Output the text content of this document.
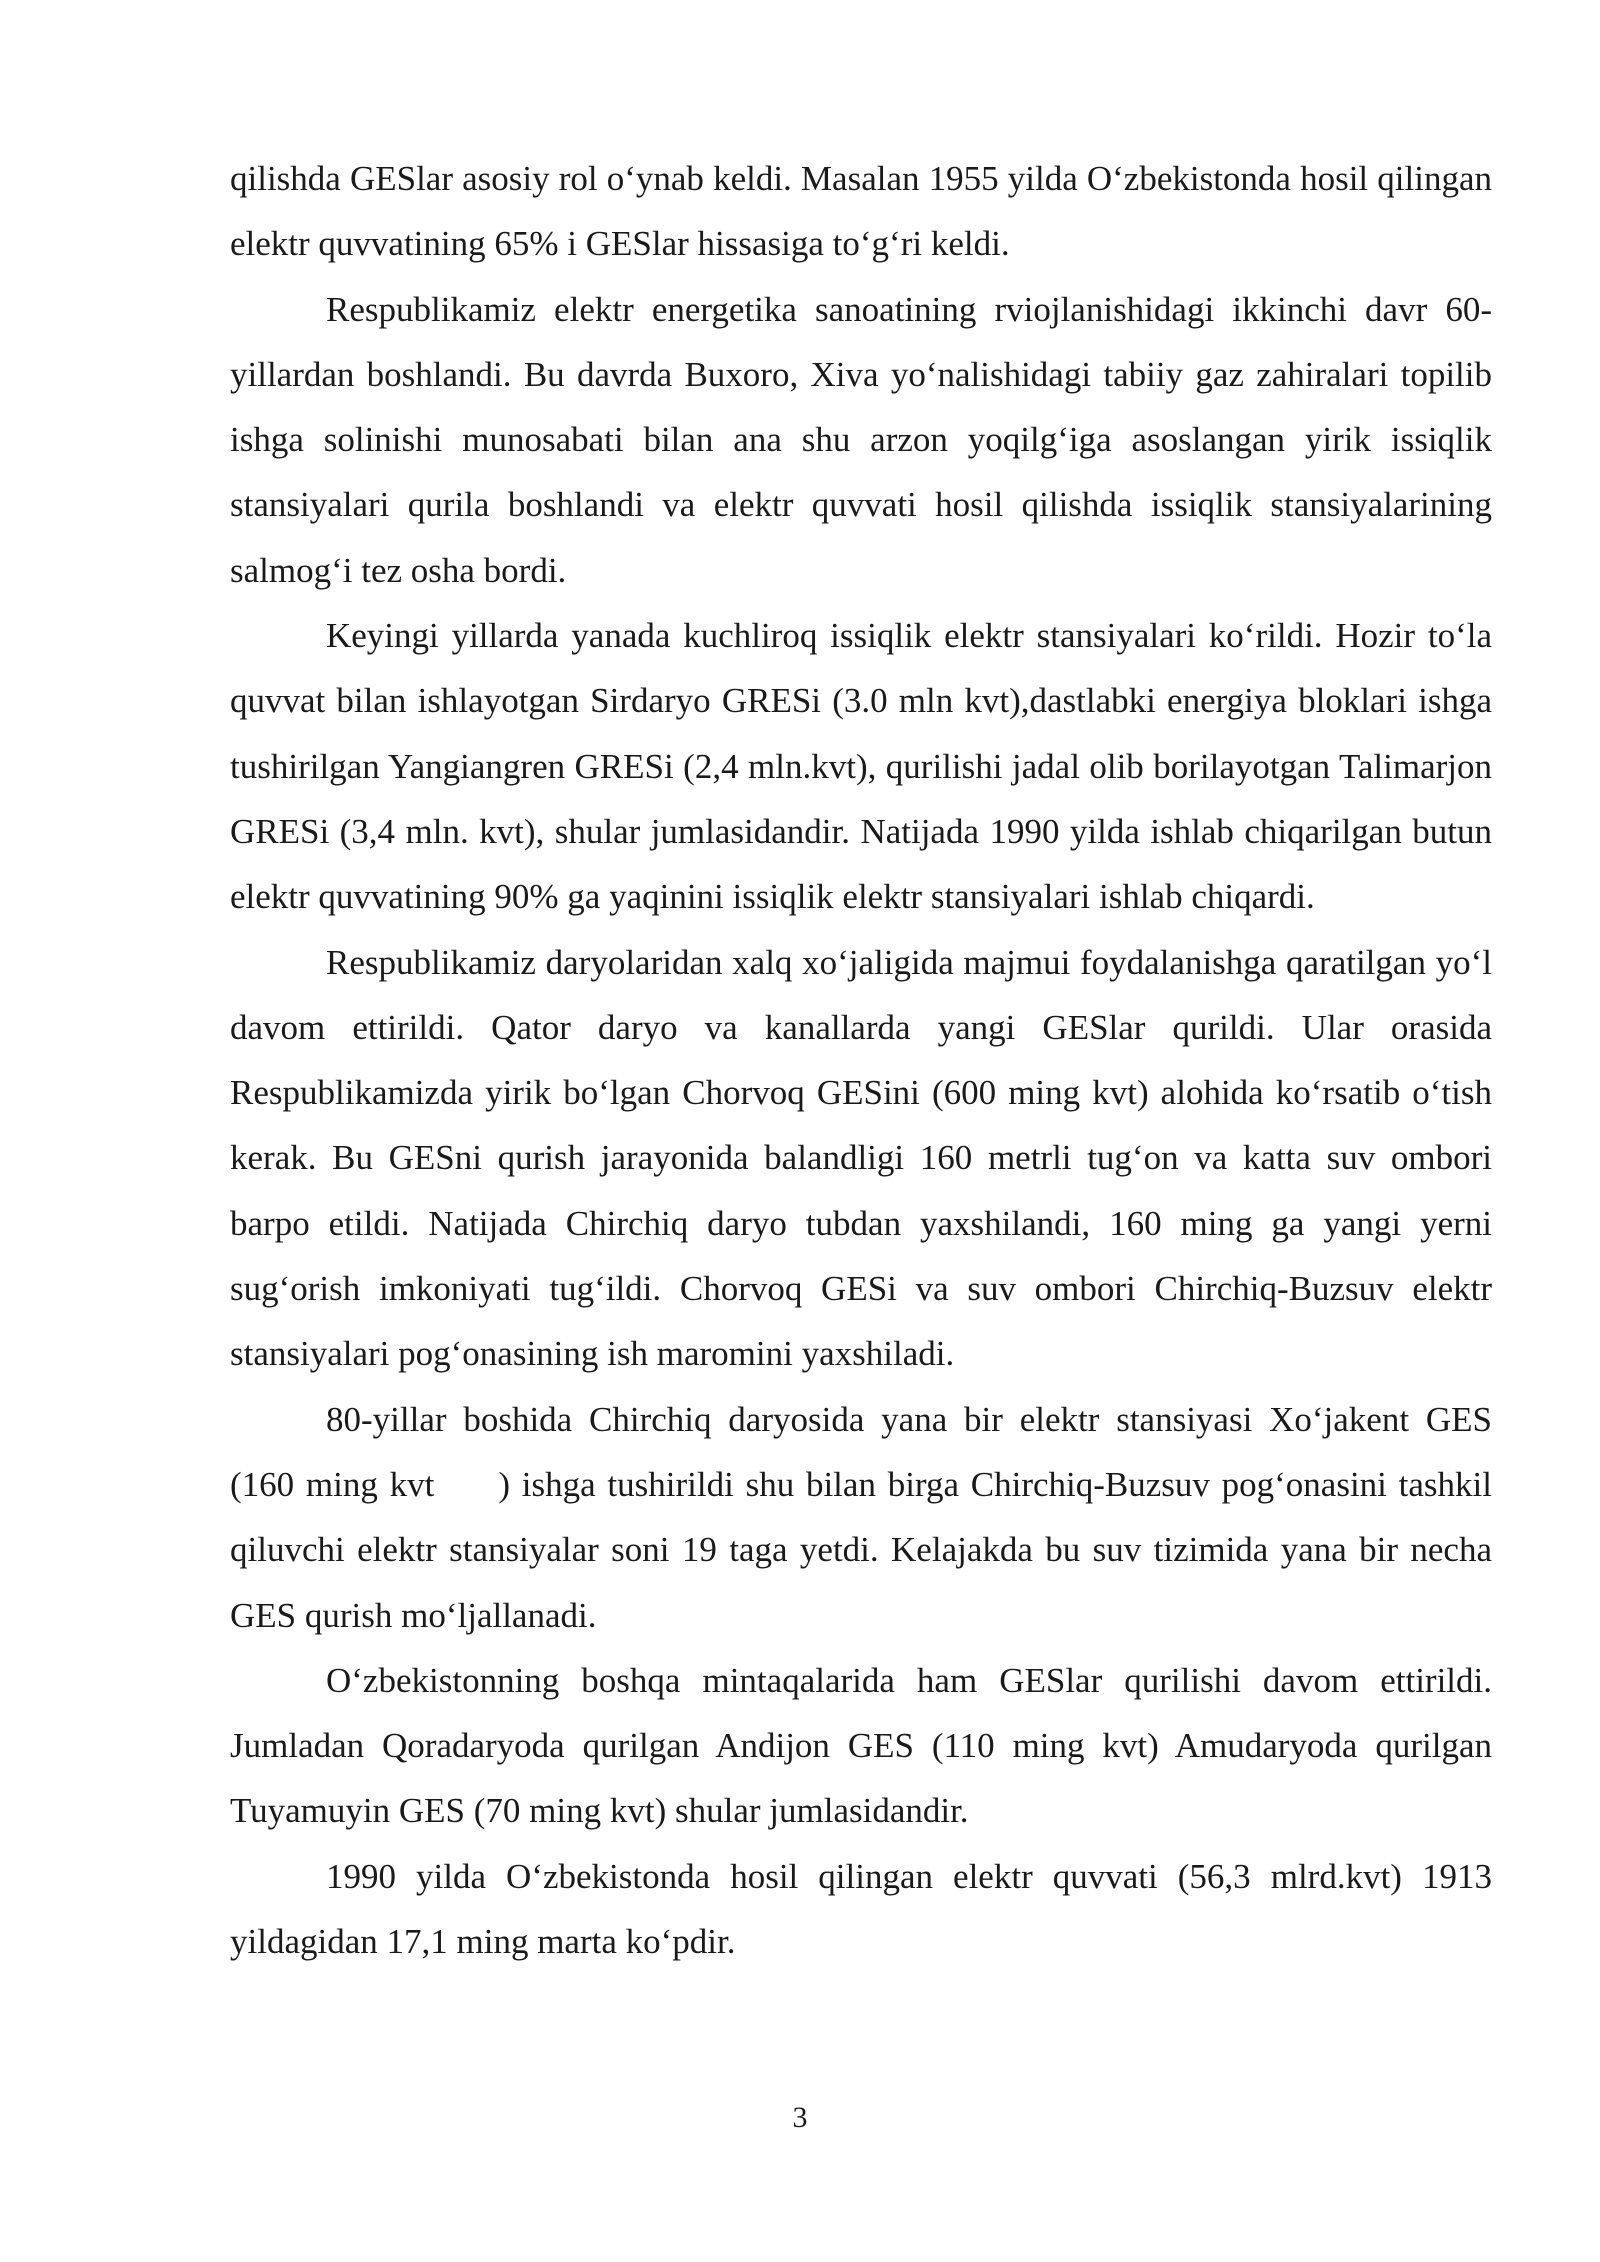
qilishda GESlar asosiy rol o‘ynab keldi. Masalan 1955 yilda O‘zbekistonda hosil qilingan elektr quvvatining 65% i GESlar hissasiga to‘g‘ri keldi.

Respublikamiz elektr energetika sanoatining rviojlanishidagi ikkinchi davr 60-yillardan boshlandi. Bu davrda Buxoro, Xiva yo‘nalishidagi tabiiy gaz zahiralari topilib ishga solinishi munosabati bilan ana shu arzon yoqilg‘iga asoslangan yirik issiqlik stansiyalari qurila boshlandi va elektr quvvati hosil qilishda issiqlik stansiyalarining salmog‘i tez osha bordi.

Keyingi yillarda yanada kuchliroq issiqlik elektr stansiyalari ko‘rildi. Hozir to‘la quvvat bilan ishlayotgan Sirdaryo GRESi (3.0 mln kvt),dastlabki energiya bloklari ishga tushirilgan Yangiangren GRESi (2,4 mln.kvt), qurilishi jadal olib borilayotgan Talimarjon GRESi (3,4 mln. kvt), shular jumlasidandir. Natijada 1990 yilda ishlab chiqarilgan butun elektr quvvatining 90% ga yaqinini issiqlik elektr stansiyalari ishlab chiqardi.

Respublikamiz daryolaridan xalq xo‘jaligida majmui foydalanishga qaratilgan yo‘l davom ettirildi. Qator daryo va kanallarda yangi GESlar qurildi. Ular orasida Respublikamizda yirik bo‘lgan Chorvoq GESini (600 ming kvt) alohida ko‘rsatib o‘tish kerak. Bu GESni qurish jarayonida balandligi 160 metrli tug‘on va katta suv ombori barpo etildi. Natijada Chirchiq daryo tubdan yaxshilandi, 160 ming ga yangi yerni sug‘orish imkoniyati tug‘ildi. Chorvoq GESi va suv ombori Chirchiq-Buzsuv elektr stansiyalari pog‘onasining ish maromini yaxshiladi.

80-yillar boshida Chirchiq daryosida yana bir elektr stansiyasi Xo‘jakent GES (160 ming kvt ) ishga tushirildi shu bilan birga Chirchiq-Buzsuv pog‘onasini tashkil qiluvchi elektr stansiyalar soni 19 taga yetdi. Kelajakda bu suv tizimida yana bir necha GES qurish mo‘ljallanadi.

O‘zbekistonning boshqa mintaqalarida ham GESlar qurilishi davom ettirildi. Jumladan Qoradaryoda qurilgan Andijon GES (110 ming kvt) Amudaryoda qurilgan Tuyamuyin GES (70 ming kvt) shular jumlasidandir.

1990 yilda O‘zbekistonda hosil qilingan elektr quvvati (56,3 mlrd.kvt) 1913 yildagidan 17,1 ming marta ko‘pdir.

3
